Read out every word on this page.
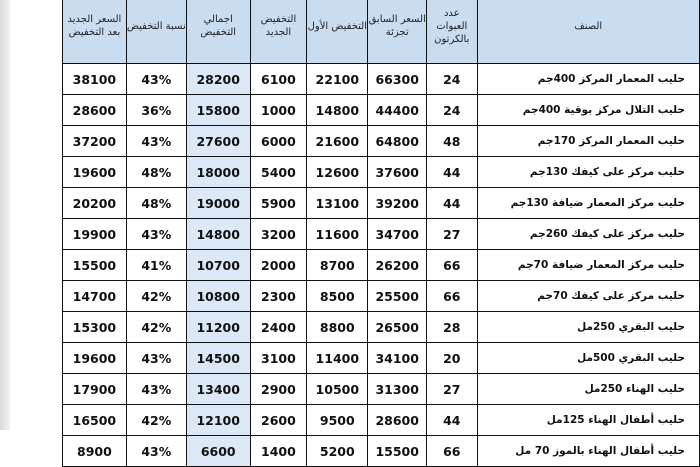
الصنف	عدد العبوات بالكرتون	السعر السابق تجزئة	التخفيض الأول	التخفيض الجديد	اجمالي التخفيض	نسبة التخفيض	السعر الجديد بعد التخفيض
حليب المعمار المركز 400جم	24	66300	22100	6100	28200	43%	38100
حليب التلال مركز بوقية 400جم	24	44400	14800	1000	15800	36%	28600
حليب المعمار المركز 170جم	48	64800	21600	6000	27600	43%	37200
حليب مركز على كيفك 130جم	44	37600	12600	5400	18000	48%	19600
حليب مركز المعمار ضيافة 130جم	44	39200	13100	5900	19000	48%	20200
حليب مركز على كيفك 260جم	27	34700	11600	3200	14800	43%	19900
حليب مركز المعمار ضيافة 70جم	66	26200	8700	2000	10700	41%	15500
حليب مركز على كيفك 70جم	66	25500	8500	2300	10800	42%	14700
حليب البقري 250مل	28	26500	8800	2400	11200	42%	15300
حليب البقري 500مل	20	34100	11400	3100	14500	43%	19600
حليب الهناء 250مل	27	31300	10500	2900	13400	43%	17900
حليب أطفال الهناء 125مل	44	28600	9500	2600	12100	42%	16500
حليب أطفال الهناء بالموز 70 مل	66	15500	5200	1400	6600	43%	8900
